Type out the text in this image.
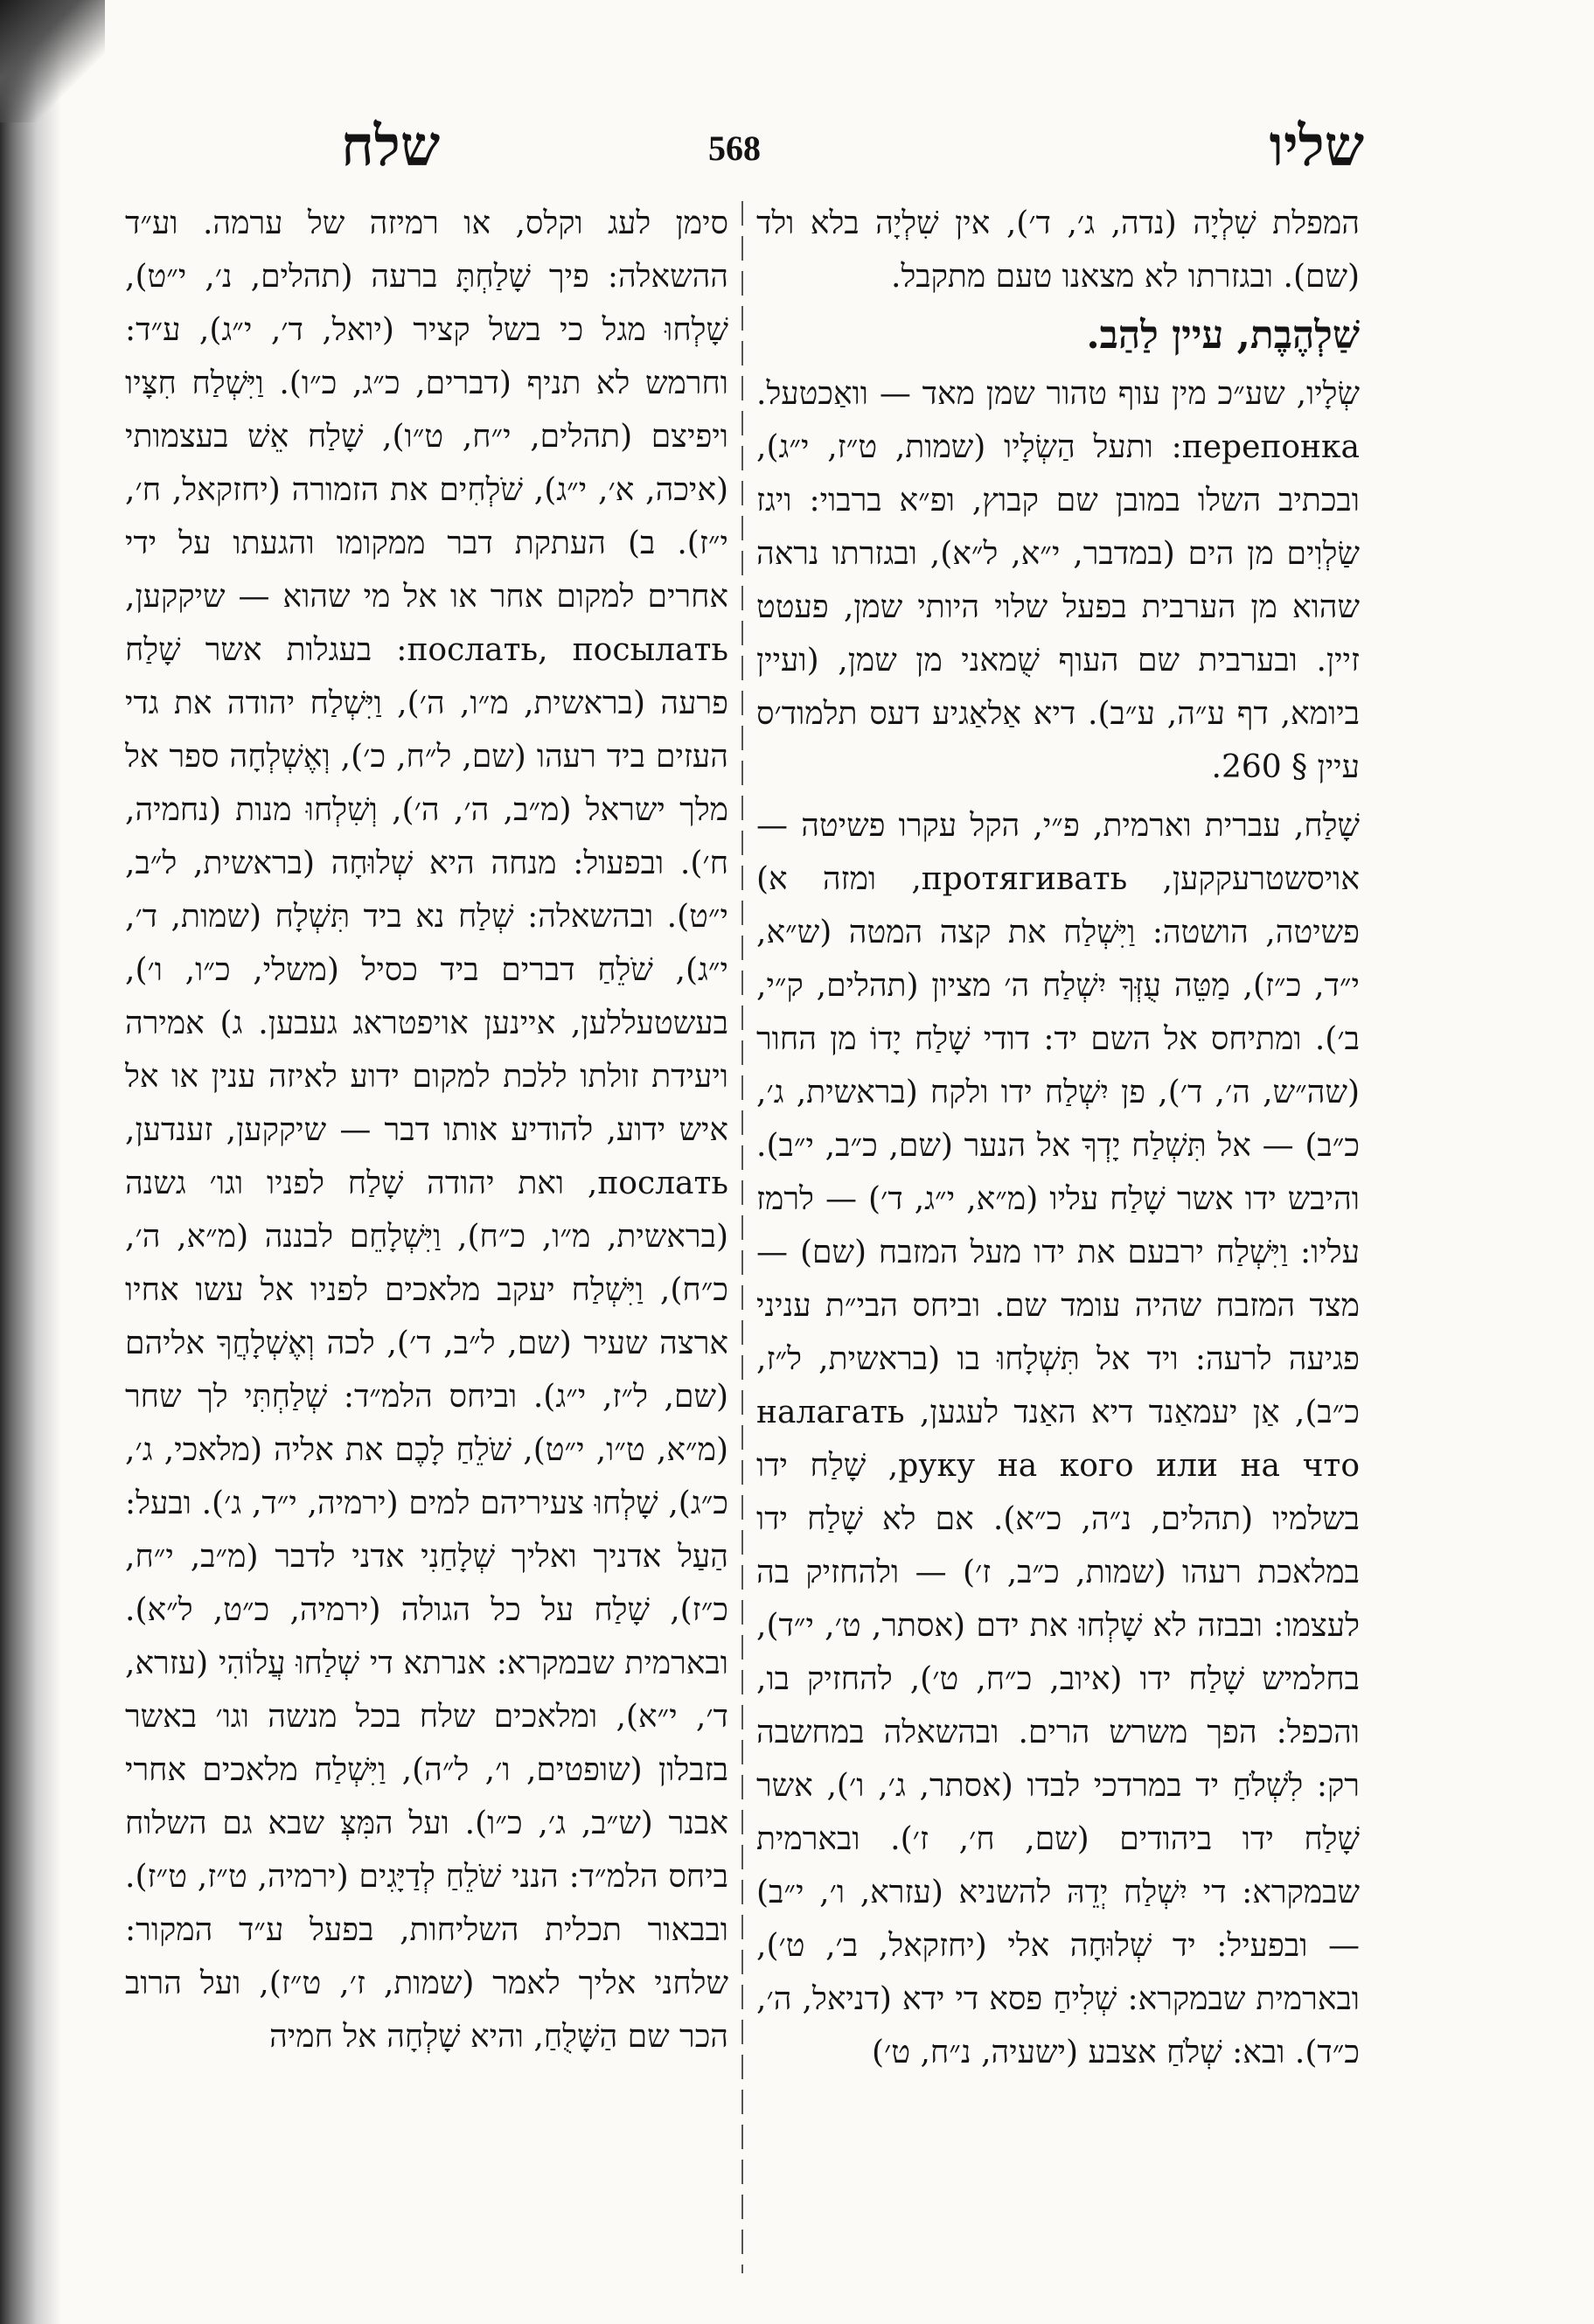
שלח	568	שליו

המפלת שִׁלְיָה (נדה, ג׳, ד׳), אין שִׁלְיָה בלא ולד (שם). ובגזרתו לא מצאנו טעם מתקבל.

שַׁלְהֶבֶת, עיין לַהַב.

שְׂלָיו, שע״כ מין עוף טהור שמן מאד — וואַכטעל. перепонка: ותעל הַשְׂלָיו (שמות, ט״ז, י״ג), ובכתיב השלו במובן שם קבוץ, ופ״א ברבוי: ויגז שַׂלְוִים מן הים (במדבר, י״א, ל״א), ובגזרתו נראה שהוא מן הערבית בפעל שלוי היותי שמן, פעטט זיין. ובערבית שם העוף שֻׁמאני מן שמן, (ועיין ביומא, דף ע״ה, ע״ב). דיא אַלאַגיע דעס תלמוד׳ס עיין § 260.

שָׁלַח, עברית וארמית, פ״י, הקל עקרו פשיטה — אויסשטרעקקען, протягивать, ומזה א) פשיטה, הושטה: וַיִּשְׁלַח את קצה המטה (ש״א, י״ד, כ״ז), מַטֵּה עֻזְּךָ יִשְׁלַח ה׳ מציון (תהלים, ק״י, ב׳). ומתיחס אל השם יד: דודי שָׁלַח יָדוֹ מן החור (שה״ש, ה׳, ד׳), פן יִשְׁלַח ידו ולקח (בראשית, ג׳, כ״ב) — אל תִּשְׁלַח יָדְךָ אל הנער (שם, כ״ב, י״ב). והיבש ידו אשר שָׁלַח עליו (מ״א, י״ג, ד׳) — לרמז עליו: וַיִּשְׁלַח ירבעם את ידו מעל המזבח (שם) — מצד המזבח שהיה עומד שם. וביחס הבי״ת עניני פגיעה לרעה: ויד אל תִּשְׁלָחוּ בו (בראשית, ל״ז, כ״ב), אַן יעמאַנד דיא האַנד לעגען, налагать руку на кого или на что, שָׁלַח ידו בשלמיו (תהלים, נ״ה, כ״א). אם לא שָׁלַח ידו במלאכת רעהו (שמות, כ״ב, ז׳) — ולהחזיק בה לעצמו: ובבזה לא שָׁלְחוּ את ידם (אסתר, ט׳, י״ד), בחלמיש שָׁלַח ידו (איוב, כ״ח, ט׳), להחזיק בו, והכפל: הפך משרש הרים. ובהשאלה במחשבה רק: לִשְׁלֹחַ יד במרדכי לבדו (אסתר, ג׳, ו׳), אשר שָׁלַח ידו ביהודים (שם, ח׳, ז׳). ובארמית שבמקרא: די יִשְׁלַח יְדֵהּ להשניא (עזרא, ו׳, י״ב) — ובפעיל: יד שְׁלוּחָה אלי (יחזקאל, ב׳, ט׳), ובארמית שבמקרא: שְׁלִיחַ פסא די ידא (דניאל, ה׳, כ״ד). ובא: שְׁלֹחַ אצבע (ישעיה, נ״ח, ט׳)

סימן לעג וקלס, או רמיזה של ערמה. וע״ד ההשאלה: פיך שָׁלַחְתָּ ברעה (תהלים, נ׳, י״ט), שָׁלְחוּ מגל כי בשל קציר (יואל, ד׳, י״ג), ע״ד: וחרמש לא תניף (דברים, כ״ג, כ״ו). וַיִּשְׁלַח חִצָּיו ויפיצם (תהלים, י״ח, ט״ו), שָׁלַח אֵשׁ בעצמותי (איכה, א׳, י״ג), שֹׁלְחִים את הזמורה (יחזקאל, ח׳, י״ז). ב) העתקת דבר ממקומו והגעתו על ידי אחרים למקום אחר או אל מי שהוא — שיקקען, послать, посылать: בעגלות אשר שָׁלַח פרעה (בראשית, מ״ו, ה׳), וַיִּשְׁלַח יהודה את גדי העזים ביד רעהו (שם, ל״ח, כ׳), וְאֶשְׁלְחָה ספר אל מלך ישראל (מ״ב, ה׳, ה׳), וְשִׁלְחוּ מנות (נחמיה, ח׳). ובפעול: מנחה היא שְׁלוּחָה (בראשית, ל״ב, י״ט). ובהשאלה: שְׁלַח נא ביד תִּשְׁלָח (שמות, ד׳, י״ג), שֹׁלֵחַ דברים ביד כסיל (משלי, כ״ו, ו׳), בעשטעללען, איינען אויפטראג געבען. ג) אמירה ויעידת זולתו ללכת למקום ידוע לאיזה ענין או אל איש ידוע, להודיע אותו דבר — שיקקען, זענדען, послать, ואת יהודה שָׁלַח לפניו וגו׳ גשנה (בראשית, מ״ו, כ״ח), וַיִּשְׁלָחֵם לבננה (מ״א, ה׳, כ״ח), וַיִּשְׁלַח יעקב מלאכים לפניו אל עשו אחיו ארצה שעיר (שם, ל״ב, ד׳), לכה וְאֶשְׁלָחֲךָ אליהם (שם, ל״ז, י״ג). וביחס הלמ״ד: שְׁלַחְתִּי לך שחר (מ״א, ט״ו, י״ט), שֹׁלֵחַ לָכֶם את אליה (מלאכי, ג׳, כ״ג), שָׁלְחוּ צעיריהם למים (ירמיה, י״ד, ג׳). ובעל: הַעַל אדניך ואליך שְׁלָחַנִי אדני לדבר (מ״ב, י״ח, כ״ז), שָׁלַח על כל הגולה (ירמיה, כ״ט, ל״א). ובארמית שבמקרא: אנרתא די שְׁלַחוּ עֲלוֹהִי (עזרא, ד׳, י״א), ומלאכים שלח בכל מנשה וגו׳ באשר בזבלון (שופטים, ו׳, ל״ה), וַיִּשְׁלַח מלאכים אחרי אבנר (ש״ב, ג׳, כ״ו). ועל המִּצְּ שבא גם השלוח ביחס הלמ״ד: הנני שֹׁלֵחַ לְדַיָּגִים (ירמיה, ט״ז, ט״ז). ובבאור תכלית השליחות, בפעל ע״ד המקור: שלחני אליך לאמר (שמות, ז׳, ט״ז), ועל הרוב הכר שם הַשָּׁלֻחַ, והיא שָׁלְחָה אל חמיה
